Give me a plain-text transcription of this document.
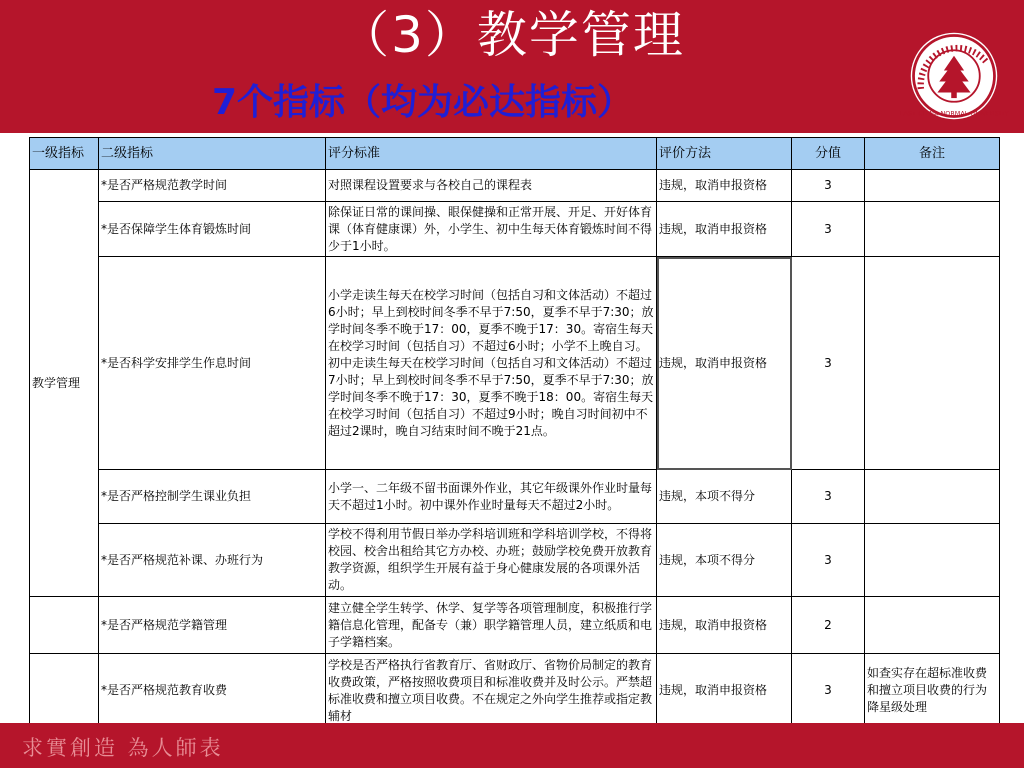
（3）教学管理
7个指标（均为必达指标）	EAST CHINA NORMAL UNIVERSITY
一级指标	二级指标	评分标准	评价方法	分值	备注
教学管理	*是否严格规范教学时间	对照课程设置要求与各校自己的课程表	违规，取消申报资格	3	
	*是否保障学生体育锻炼时间	除保证日常的课间操、眼保健操和正常开展、开足、开好体育课（体育健康课）外，小学生、初中生每天体育锻炼时间不得少于1小时。	违规，取消申报资格	3	
	*是否科学安排学生作息时间	小学走读生每天在校学习时间（包括自习和文体活动）不超过6小时；早上到校时间冬季不早于7:50，夏季不早于7:30；放学时间冬季不晚于17：00，夏季不晚于17：30。寄宿生每天在校学习时间（包括自习）不超过6小时；小学不上晚自习。初中走读生每天在校学习时间（包括自习和文体活动）不超过7小时；早上到校时间冬季不早于7:50，夏季不早于7:30；放学时间冬季不晚于17：30，夏季不晚于18：00。寄宿生每天在校学习时间（包括自习）不超过9小时；晚自习时间初中不超过2课时，晚自习结束时间不晚于21点。	违规，取消申报资格	3	
	*是否严格控制学生课业负担	小学一、二年级不留书面课外作业，其它年级课外作业时量每天不超过1小时。初中课外作业时量每天不超过2小时。	违规，本项不得分	3	
	*是否严格规范补课、办班行为	学校不得利用节假日举办学科培训班和学科培训学校，不得将校园、校舍出租给其它方办校、办班；鼓励学校免费开放教育教学资源，组织学生开展有益于身心健康发展的各项课外活动。	违规，本项不得分	3	
	*是否严格规范学籍管理	建立健全学生转学、休学、复学等各项管理制度，积极推行学籍信息化管理，配备专（兼）职学籍管理人员，建立纸质和电子学籍档案。	违规，取消申报资格	2	
	*是否严格规范教育收费	学校是否严格执行省教育厅、省财政厅、省物价局制定的教育收费政策，严格按照收费项目和标准收费并及时公示。严禁超标准收费和擅立项目收费。不在规定之外向学生推荐或指定教辅材	违规，取消申报资格	3	如查实存在超标准收费和擅立项目收费的行为降星级处理
求實創造 為人師表
